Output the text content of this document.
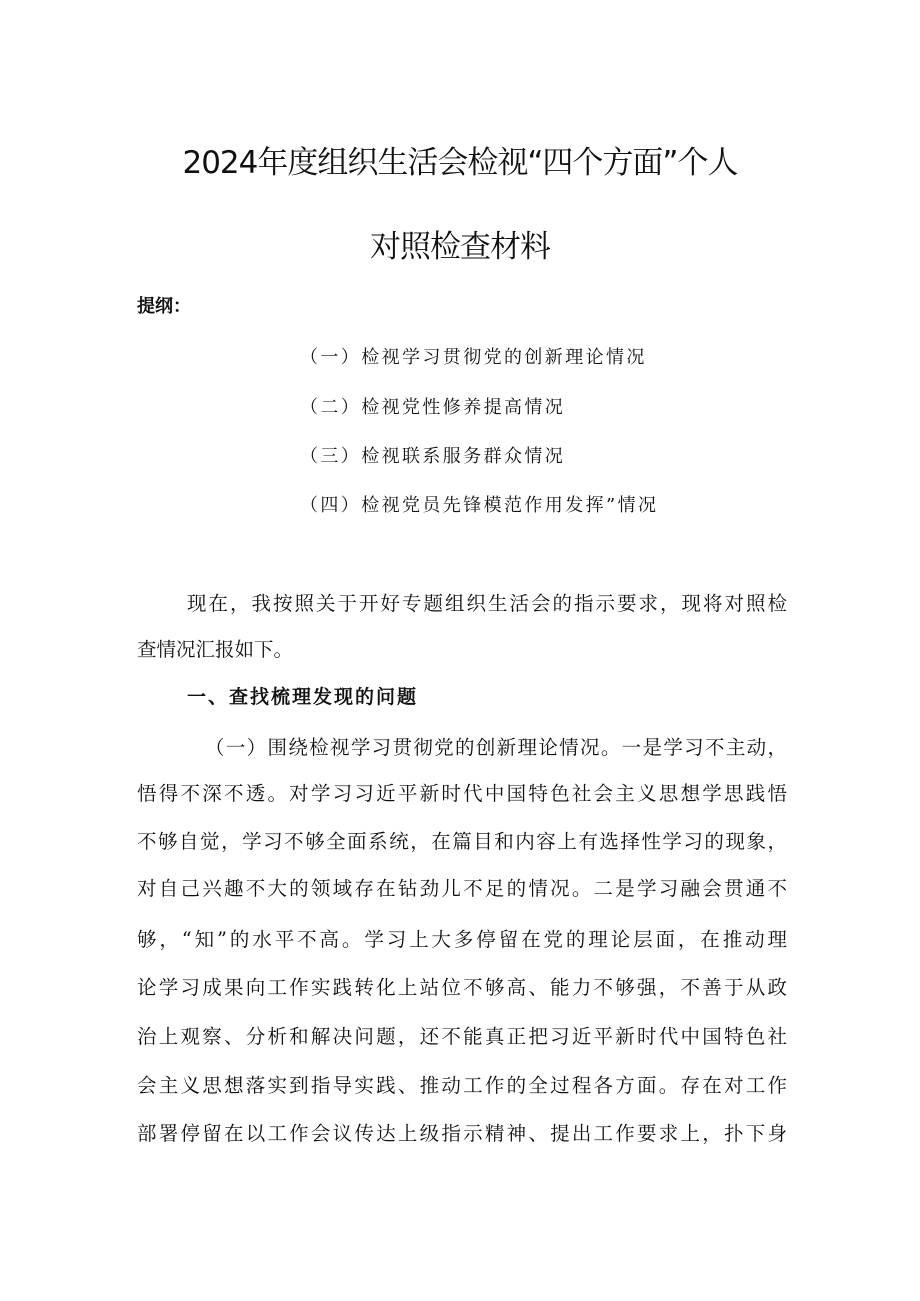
2024年度组织生活会检视“四个方面”个人
对照检查材料
提纲：
（一）检视学习贯彻党的创新理论情况
（二）检视党性修养提高情况
（三）检视联系服务群众情况
（四）检视党员先锋模范作用发挥”情况
现在，我按照关于开好专题组织生活会的指示要求，现将对照检
查情况汇报如下。
一、查找梳理发现的问题
（一）围绕检视学习贯彻党的创新理论情况。一是学习不主动，
悟得不深不透。对学习习近平新时代中国特色社会主义思想学思践悟
不够自觉，学习不够全面系统，在篇目和内容上有选择性学习的现象，
对自己兴趣不大的领域存在钻劲儿不足的情况。二是学习融会贯通不
够，“知”的水平不高。学习上大多停留在党的理论层面，在推动理
论学习成果向工作实践转化上站位不够高、能力不够强，不善于从政
治上观察、分析和解决问题，还不能真正把习近平新时代中国特色社
会主义思想落实到指导实践、推动工作的全过程各方面。存在对工作
部署停留在以工作会议传达上级指示精神、提出工作要求上，扑下身
